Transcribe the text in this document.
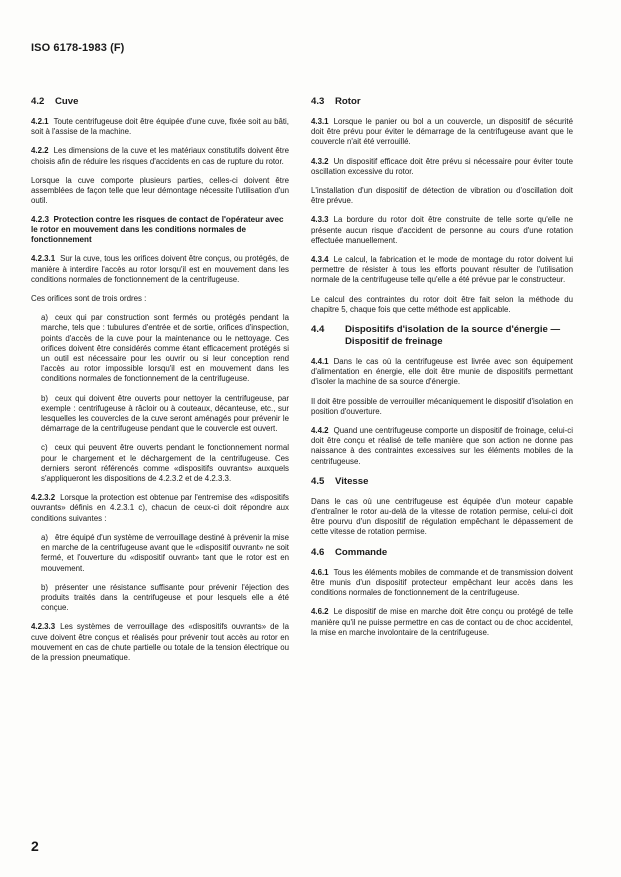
ISO 6178-1983 (F)
4.2	Cuve

4.2.1 Toute centrifugeuse doit être équipée d'une cuve, fixée soit au bâti, soit à l'assise de la machine.

4.2.2 Les dimensions de la cuve et les matériaux constitutifs doivent être choisis afin de réduire les risques d'accidents en cas de rupture du rotor.

Lorsque la cuve comporte plusieurs parties, celles-ci doivent être assemblées de façon telle que leur démontage nécessite l'utilisation d'un outil.

4.2.3 Protection contre les risques de contact de l'opérateur avec le rotor en mouvement dans les conditions normales de fonctionnement

4.2.3.1 Sur la cuve, tous les orifices doivent être conçus, ou protégés, de manière à interdire l'accès au rotor lorsqu'il est en mouvement dans les conditions normales de fonctionnement de la centrifugeuse.

Ces orifices sont de trois ordres :

a) ceux qui par construction sont fermés ou protégés pendant la marche, tels que : tubulures d'entrée et de sortie, orifices d'inspection, points d'accès de la cuve pour la maintenance ou le nettoyage. Ces orifices doivent être considérés comme étant efficacement protégés si un outil est nécessaire pour les ouvrir ou si leur conception rend l'accès au rotor impossible lorsqu'il est en mouvement dans les conditions normales de fonctionnement de la centrifugeuse.

b) ceux qui doivent être ouverts pour nettoyer la centrifugeuse, par exemple : centrifugeuse à râcloir ou à couteaux, décanteuse, etc., sur lesquelles les couvercles de la cuve seront aménagés pour prévenir le démarrage de la centrifugeuse pendant que le couvercle est ouvert.

c) ceux qui peuvent être ouverts pendant le fonctionnement normal pour le chargement et le déchargement de la centrifugeuse. Ces derniers seront référencés comme «dispositifs ouvrants» auxquels s'appliqueront les dispositions de 4.2.3.2 et de 4.2.3.3.

4.2.3.2 Lorsque la protection est obtenue par l'entremise des «dispositifs ouvrants» définis en 4.2.3.1 c), chacun de ceux-ci doit répondre aux conditions suivantes :

a) être équipé d'un système de verrouillage destiné à prévenir la mise en marche de la centrifugeuse avant que le «dispositif ouvrant» ne soit fermé, et l'ouverture du «dispositif ouvrant» tant que le rotor est en mouvement.

b) présenter une résistance suffisante pour prévenir l'éjection des produits traités dans la centrifugeuse et pour lesquels elle a été conçue.

4.2.3.3 Les systèmes de verrouillage des «dispositifs ouvrants» de la cuve doivent être conçus et réalisés pour prévenir tout accès au rotor en mouvement en cas de chute partielle ou totale de la tension électrique ou de la pression pneumatique.

4.3	Rotor

4.3.1 Lorsque le panier ou bol a un couvercle, un dispositif de sécurité doit être prévu pour éviter le démarrage de la centrifugeuse avant que le couvercle n'ait été verrouillé.

4.3.2 Un dispositif efficace doit être prévu si nécessaire pour éviter toute oscillation excessive du rotor.

L'installation d'un dispositif de détection de vibration ou d'oscillation doit être prévue.

4.3.3 La bordure du rotor doit être construite de telle sorte qu'elle ne présente aucun risque d'accident de personne au cours d'une rotation effectuée manuellement.

4.3.4 Le calcul, la fabrication et le mode de montage du rotor doivent lui permettre de résister à tous les efforts pouvant résulter de l'utilisation normale de la centrifugeuse telle qu'elle a été prévue par le constructeur.

Le calcul des contraintes du rotor doit être fait selon la méthode du chapitre 5, chaque fois que cette méthode est applicable.

4.4	Dispositifs d'isolation de la source d'énergie — Dispositif de freinage

4.4.1 Dans le cas où la centrifugeuse est livrée avec son équipement d'alimentation en énergie, elle doit être munie de dispositifs permettant d'isoler la machine de sa source d'énergie.

Il doit être possible de verrouiller mécaniquement le dispositif d'isolation en position d'ouverture.

4.4.2 Quand une centrifugeuse comporte un dispositif de froinage, celui-ci doit être conçu et réalisé de telle manière que son action ne donne pas naissance à des contraintes excessives sur les éléments mobiles de la centrifugeuse.

4.5	Vitesse

Dans le cas où une centrifugeuse est équipée d'un moteur capable d'entraîner le rotor au-delà de la vitesse de rotation permise, celui-ci doit être pourvu d'un dispositif de régulation empêchant le dépassement de cette vitesse de rotation permise.

4.6	Commande

4.6.1 Tous les éléments mobiles de commande et de transmission doivent être munis d'un dispositif protecteur empêchant leur accès dans les conditions normales de fonctionnement de la centrifugeuse.

4.6.2 Le dispositif de mise en marche doit être conçu ou protégé de telle manière qu'il ne puisse permettre en cas de contact ou de choc accidentel, la mise en marche involontaire de la centrifugeuse.

2
